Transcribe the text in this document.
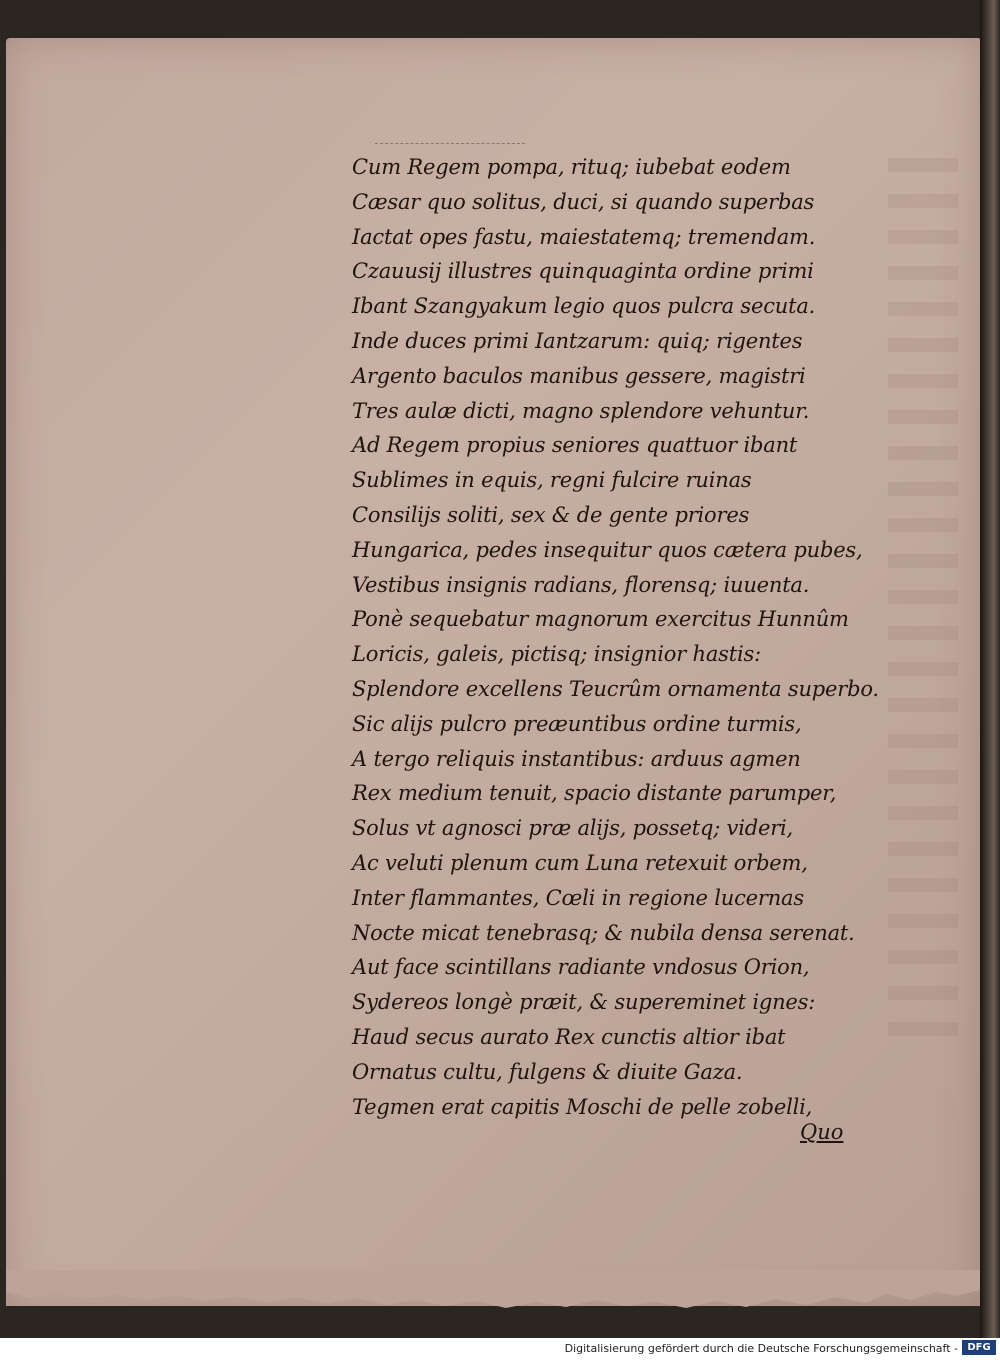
Cum Regem pompa, rituq; iubebat eodem
Cæsar quo solitus, duci, si quando superbas
Iactat opes fastu, maiestatemq; tremendam.
Czauusij illustres quinquaginta ordine primi
Ibant Szangyakum legio quos pulcra secuta.
Inde duces primi Iantzarum: quiq; rigentes
Argento baculos manibus gessere, magistri
Tres aulæ dicti, magno splendore vehuntur.
Ad Regem propius seniores quattuor ibant
Sublimes in equis, regni fulcire ruinas
Consilijs soliti, sex & de gente priores
Hungarica, pedes insequitur quos cætera pubes,
Vestibus insignis radians, florensq; iuuenta.
Ponè sequebatur magnorum exercitus Hunnûm
Loricis, galeis, pictisq; insignior hastis:
Splendore excellens Teucrûm ornamenta superbo.
Sic alijs pulcro preæuntibus ordine turmis,
A tergo reliquis instantibus: arduus agmen
Rex medium tenuit, spacio distante parumper,
Solus vt agnosci præ alijs, possetq; videri,
Ac veluti plenum cum Luna retexuit orbem,
Inter flammantes, Cœli in regione lucernas
Nocte micat tenebrasq; & nubila densa serenat.
Aut face scintillans radiante vndosus Orion,
Sydereos longè præit, & supereminet ignes:
Haud secus aurato Rex cunctis altior ibat
Ornatus cultu, fulgens & diuite Gaza.
Tegmen erat capitis Moschi de pelle zobelli,
Quo
Digitalisierung gefördert durch die Deutsche Forschungsgemeinschaft - DFG
